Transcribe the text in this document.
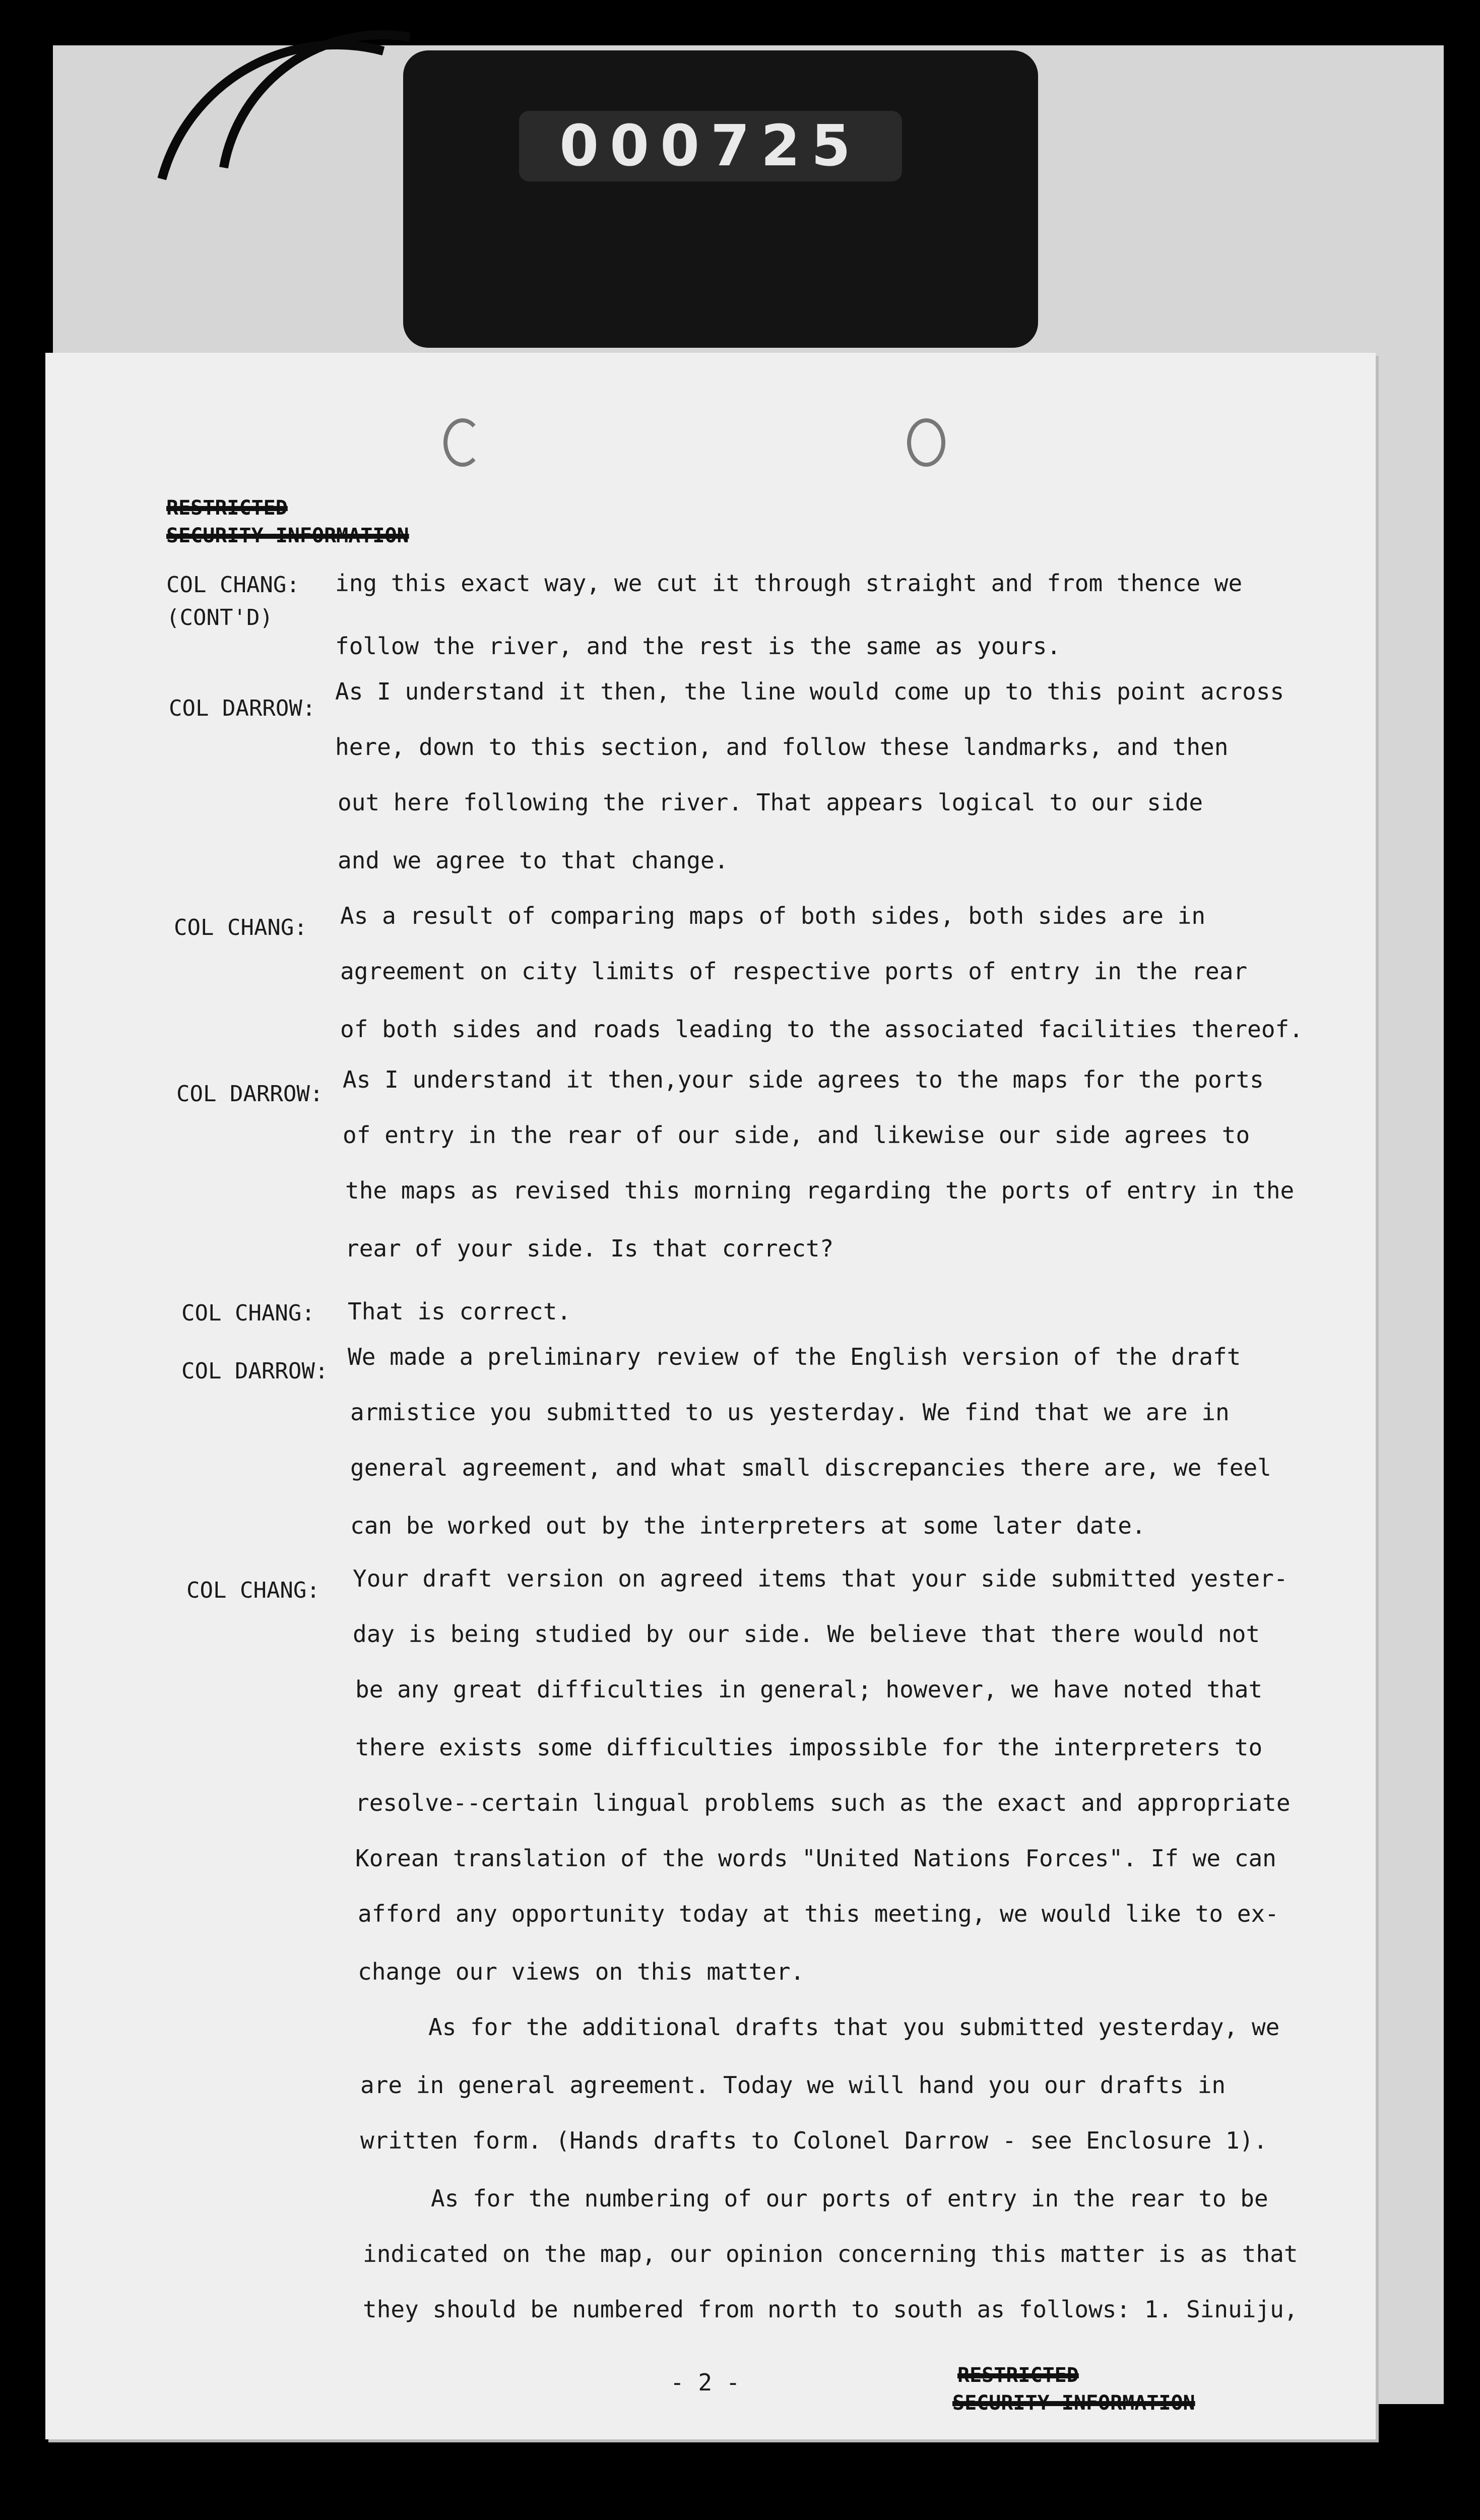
000725
RESTRICTED
SECURITY INFORMATION
COL CHANG:
(CONT'D)
ing this exact way, we cut it through straight and from thence we
follow the river, and the rest is the same as yours.
COL DARROW:
As I understand it then, the line would come up to this point across
here, down to this section, and follow these landmarks, and then
out here following the river. That appears logical to our side
and we agree to that change.
COL CHANG: As a result of comparing maps of both sides, both sides are in
agreement on city limits of respective ports of entry in the rear
of both sides and roads leading to the associated facilities thereof.
COL DARROW:
As I understand it then,your side agrees to the maps for the ports
of entry in the rear of our side, and likewise our side agrees to
the maps as revised this morning regarding the ports of entry in the
rear of your side. Is that correct?
COL CHANG: That is correct.
COL DARROW:
We made a preliminary review of the English version of the draft
armistice you submitted to us yesterday. We find that we are in
general agreement, and what small discrepancies there are, we feel
can be worked out by the interpreters at some later date.
COL CHANG: Your draft version on agreed items that your side submitted yester-
day is being studied by our side. We believe that there would not
be any great difficulties in general; however, we have noted that
there exists some difficulties impossible for the interpreters to
resolve--certain lingual problems such as the exact and appropriate
Korean translation of the words "United Nations Forces". If we can
afford any opportunity today at this meeting, we would like to ex-
change our views on this matter.
As for the additional drafts that you submitted yesterday, we
are in general agreement. Today we will hand you our drafts in
written form. (Hands drafts to Colonel Darrow - see Enclosure 1).
As for the numbering of our ports of entry in the rear to be
indicated on the map, our opinion concerning this matter is as that
they should be numbered from north to south as follows: 1. Sinuiju,
- 2 -	RESTRICTED
SECURITY INFORMATION
